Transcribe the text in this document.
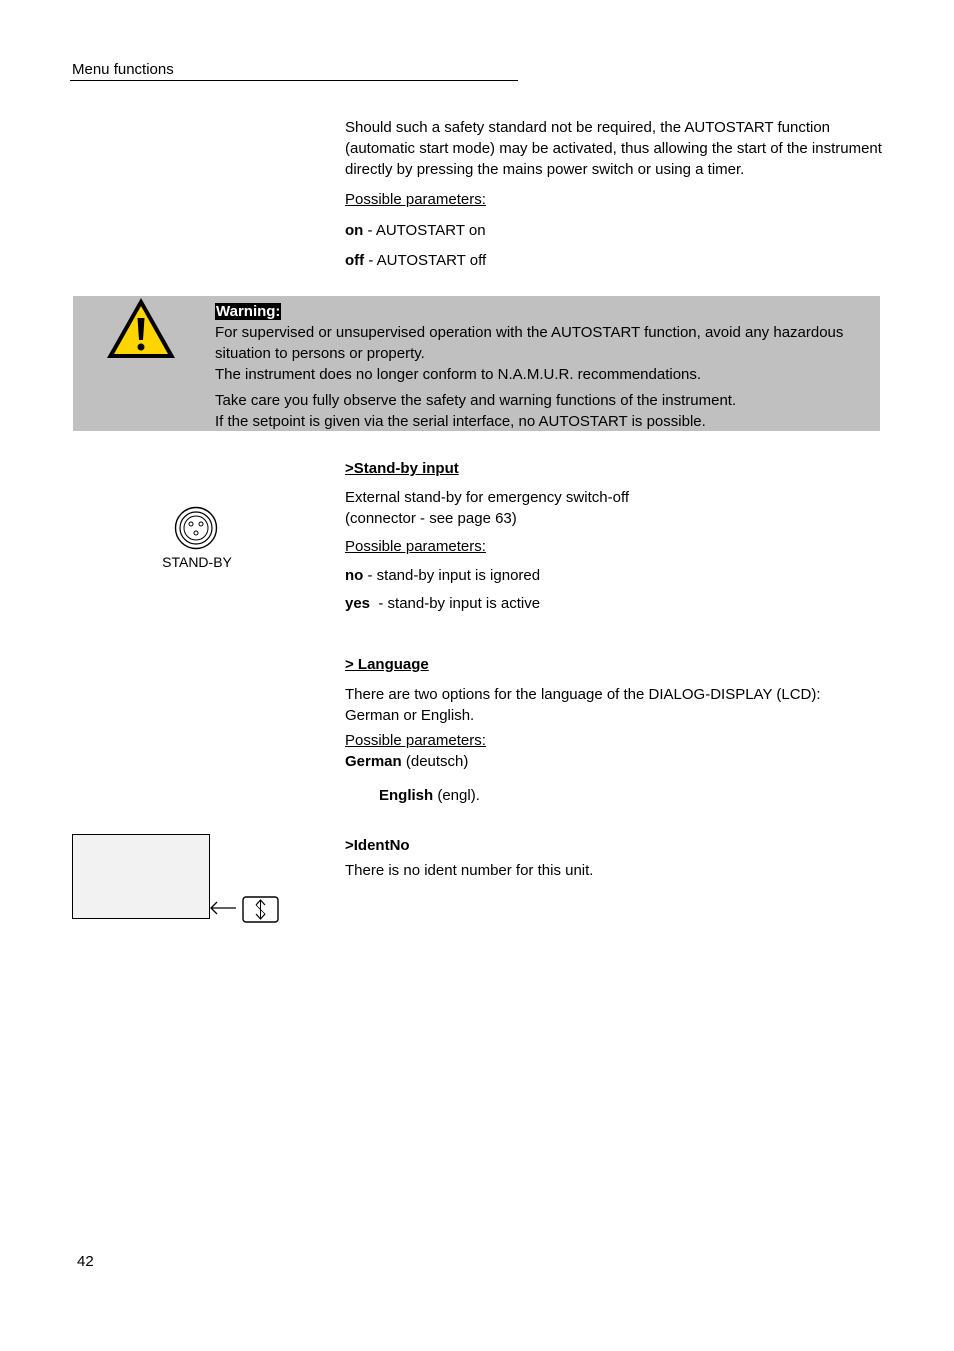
Menu functions
Should such a safety standard not be required, the AUTOSTART function (automatic start mode) may be activated, thus allowing the start of the instrument directly by pressing the mains power switch or using a timer.
Possible parameters:
on - AUTOSTART on
off - AUTOSTART off
Warning:
For supervised or unsupervised operation with the AUTOSTART function, avoid any hazardous situation to persons or property.
The instrument does no longer conform to N.A.M.U.R. recommendations.
Take care you fully observe the safety and warning functions of the instrument.
If the setpoint is given via the serial interface, no AUTOSTART is possible.
>Stand-by input
External stand-by for emergency switch-off
(connector - see page 63)
Possible parameters:
no - stand-by input is ignored
yes  - stand-by input is active
STAND-BY
> Language
There are two options for the language of the DIALOG-DISPLAY (LCD): German or English.
Possible parameters:
German (deutsch)
English (engl).
>IdentNo
There is no ident number for this unit.
42
